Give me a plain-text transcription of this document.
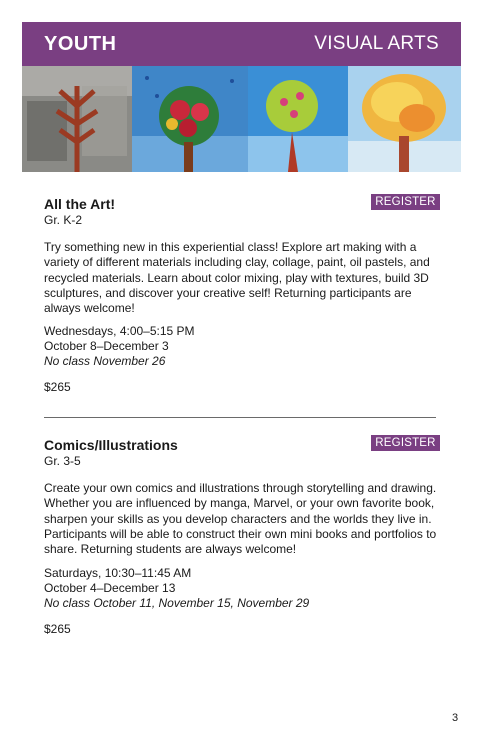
YOUTH	VISUAL ARTS

All the Art!

Gr. K-2

REGISTER

Try something new in this experiential class! Explore art making with a variety of different materials including clay, collage, paint, oil pastels, and recycled materials. Learn about color mixing, play with textures, build 3D sculptures, and discover your creative self! Returning participants are always welcome!

Wednesdays, 4:00–5:15 PM

October 8–December 3

No class November 26

$265

Comics/Illustrations

Gr. 3-5

REGISTER

Create your own comics and illustrations through storytelling and drawing. Whether you are influenced by manga, Marvel, or your own favorite book, sharpen your skills as you develop characters and the worlds they live in. Participants will be able to construct their own mini books and portfolios to share. Returning students are always welcome!

Saturdays, 10:30–11:45 AM

October 4–December 13

No class October 11, November 15, November 29

$265

3
